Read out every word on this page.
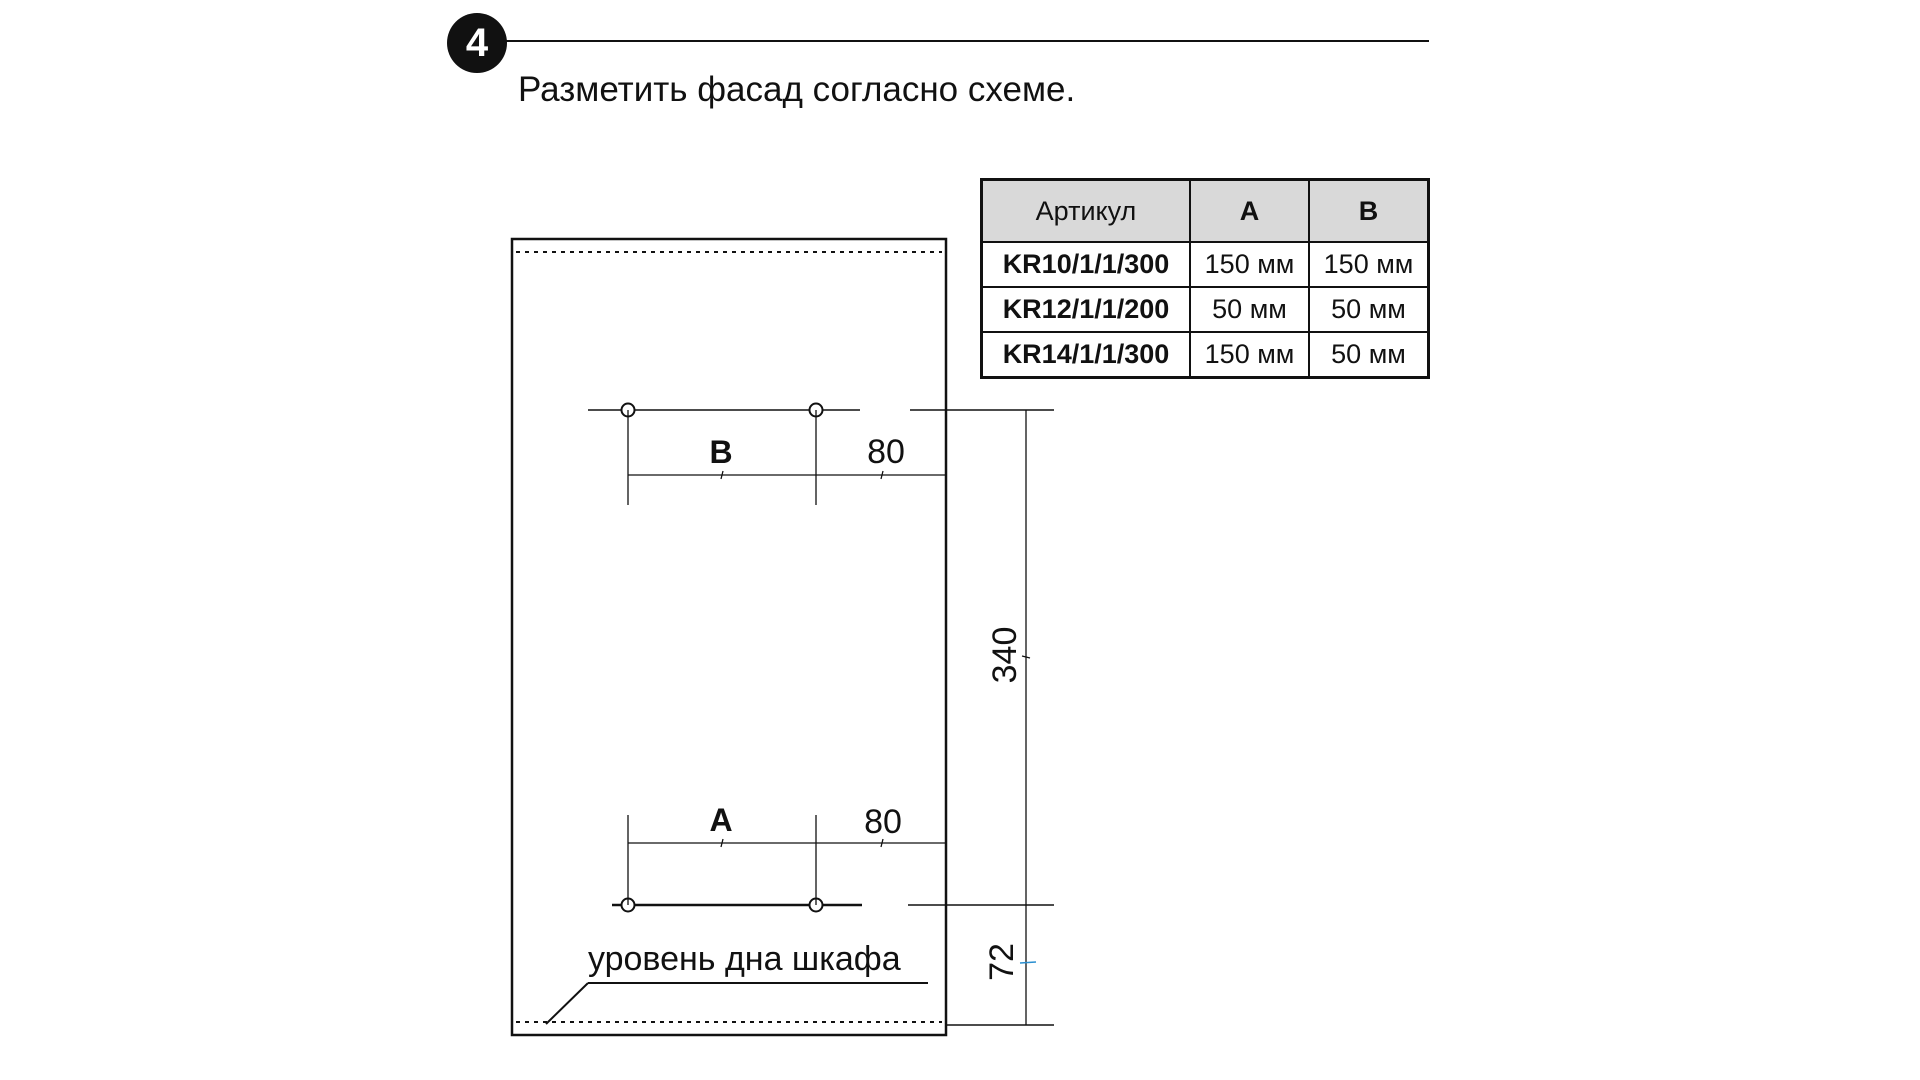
4
Разметить фасад согласно схеме.
Артикул	A	B
KR10/1/1/300	150 мм	150 мм
KR12/1/1/200	50 мм	50 мм
KR14/1/1/300	150 мм	50 мм
B	80
A	80
340
72
уровень дна шкафа
